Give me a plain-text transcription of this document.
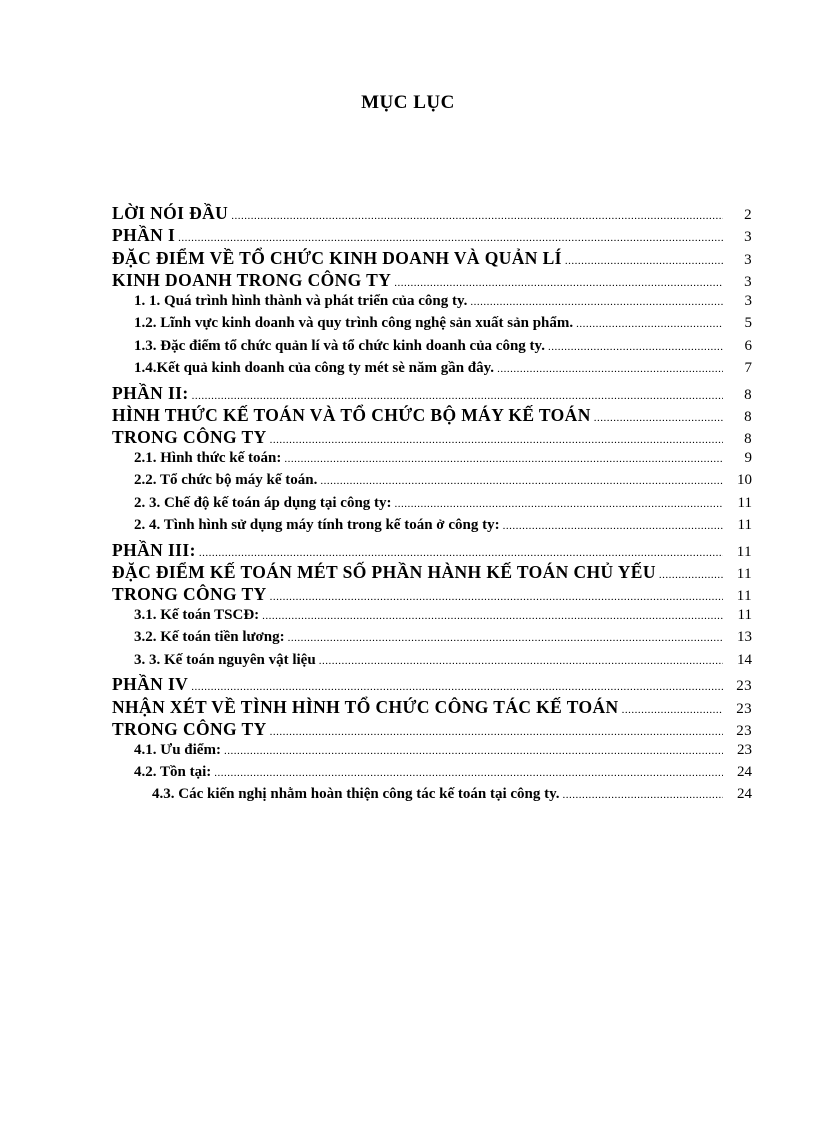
MỤC LỤC
LỜI NÓI ĐẦU .....	2
PHẦN I .....	3
ĐẶC ĐIỂM VỀ TỔ CHỨC KINH DOANH VÀ QUẢN LÍ .....	3
KINH DOANH TRONG CÔNG TY .....	3
1. 1. Quá trình hình thành và phát triển của công ty. .....	3
1.2. Lĩnh vực kinh doanh và quy trình công nghệ sản xuất sản phẩm. .....	5
1.3. Đặc điểm tổ chức quản lí và tổ chức kinh doanh của công ty. .....	6
1.4.Kết quả kinh doanh của công ty mét sè năm gần đây. .....	7
PHẦN II: .....	8
HÌNH THỨC KẾ TOÁN VÀ TỔ CHỨC BỘ MÁY KẾ TOÁN .....	8
TRONG CÔNG TY .....	8
2.1. Hình thức kế toán: .....	9
2.2. Tổ chức bộ máy kế toán. .....	10
2. 3. Chế độ kế toán áp dụng tại công ty: .....	11
2. 4. Tình hình sử dụng máy tính trong kế toán ở công ty: .....	11
PHẦN III: .....	11
ĐẶC ĐIỂM KẾ TOÁN MÉT SỐ PHẦN HÀNH KẾ TOÁN CHỦ YẾU .....	11
TRONG CÔNG TY .....	11
3.1. Kế toán TSCĐ: .....	11
3.2. Kế toán tiền lương: .....	13
3. 3. Kế toán nguyên vật liệu .....	14
PHẦN IV .....	23
NHẬN XÉT VỀ TÌNH HÌNH TỔ CHỨC CÔNG TÁC KẾ TOÁN .....	23
TRONG CÔNG TY .....	23
4.1. Ưu điểm: .....	23
4.2. Tồn tại: .....	24
4.3. Các kiến nghị nhằm hoàn thiện công tác kế toán tại công ty. .....	24
